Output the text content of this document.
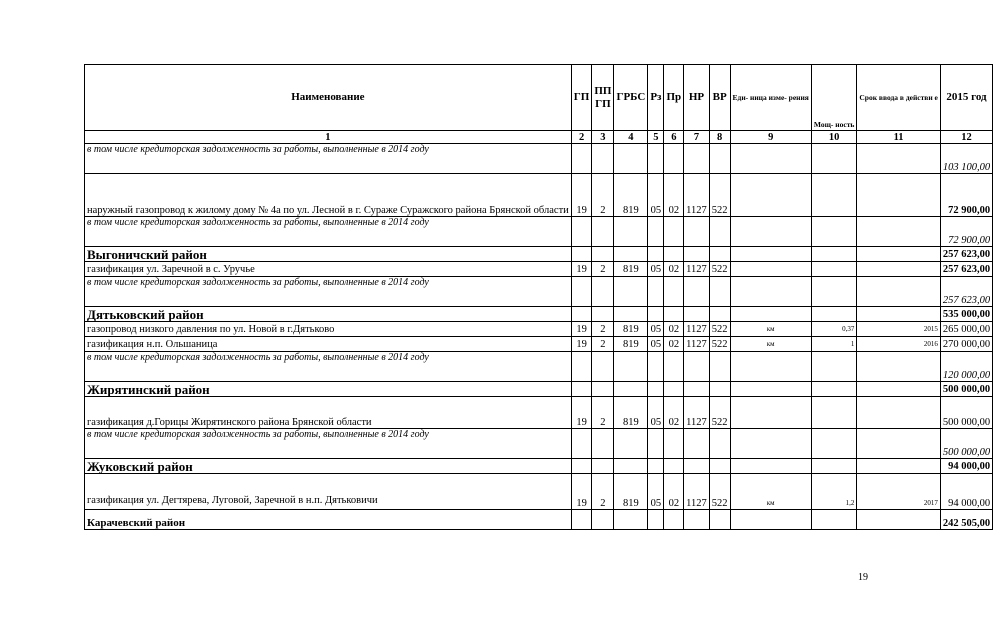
Наименование	ГП	ПП ГП	ГРБС	Рз	Пр	НР	ВР	Еди- ница изме- рения	Мощ- ность	Срок ввода в действи е	2015 год
1	2	3	4	5	6	7	8	9	10	11	12
в том числе кредиторская задолженность за работы, выполненные в 2014 году											103 100,00
наружный газопровод к жилому дому № 4а по ул. Лесной в г. Сураже Суражского района Брянской области	19	2	819	05	02	1127	522				72 900,00
в том числе кредиторская задолженность за работы, выполненные в 2014 году											72 900,00
Выгоничский район											257 623,00
газификация ул. Заречной в с. Уручье	19	2	819	05	02	1127	522				257 623,00
в том числе кредиторская задолженность за работы, выполненные в 2014 году											257 623,00
Дятьковский район											535 000,00
газопровод низкого давления по ул. Новой в г.Дятьково	19	2	819	05	02	1127	522	км	0,37	2015	265 000,00
газификация н.п. Ольшаница	19	2	819	05	02	1127	522	км	1	2016	270 000,00
в том числе кредиторская задолженность за работы, выполненные в 2014 году											120 000,00
Жирятинский район											500 000,00
газификация д.Горицы Жирятинского района Брянской области	19	2	819	05	02	1127	522				500 000,00
в том числе кредиторская задолженность за работы, выполненные в 2014 году											500 000,00
Жуковский район											94 000,00
газификация ул. Дегтярева, Луговой, Заречной в н.п. Дятьковичи	19	2	819	05	02	1127	522	км	1,2	2017	94 000,00
Карачевский район											242 505,00
19
